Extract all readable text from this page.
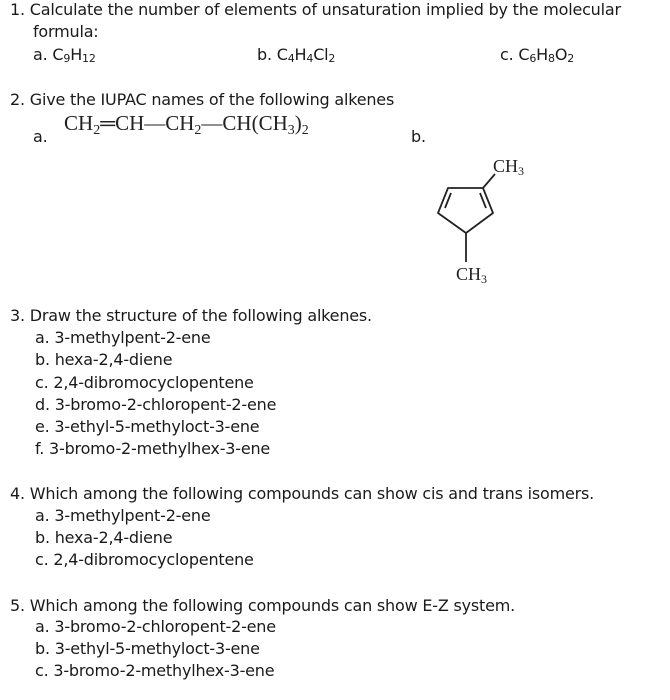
1. Calculate the number of elements of unsaturation implied by the molecular
formula:
a. C9H12	b. C4H4Cl2	c. C6H8O2
2. Give the IUPAC names of the following alkenes
a.
CH2═CH—CH2—CH(CH3)2	b.
CH3
CH3
3. Draw the structure of the following alkenes.
a. 3-methylpent-2-ene
b. hexa-2,4-diene
c. 2,4-dibromocyclopentene
d. 3-bromo-2-chloropent-2-ene
e. 3-ethyl-5-methyloct-3-ene
f. 3-bromo-2-methylhex-3-ene
4. Which among the following compounds can show cis and trans isomers.
a. 3-methylpent-2-ene
b. hexa-2,4-diene
c. 2,4-dibromocyclopentene
5. Which among the following compounds can show E-Z system.
a. 3-bromo-2-chloropent-2-ene
b. 3-ethyl-5-methyloct-3-ene
c. 3-bromo-2-methylhex-3-ene
